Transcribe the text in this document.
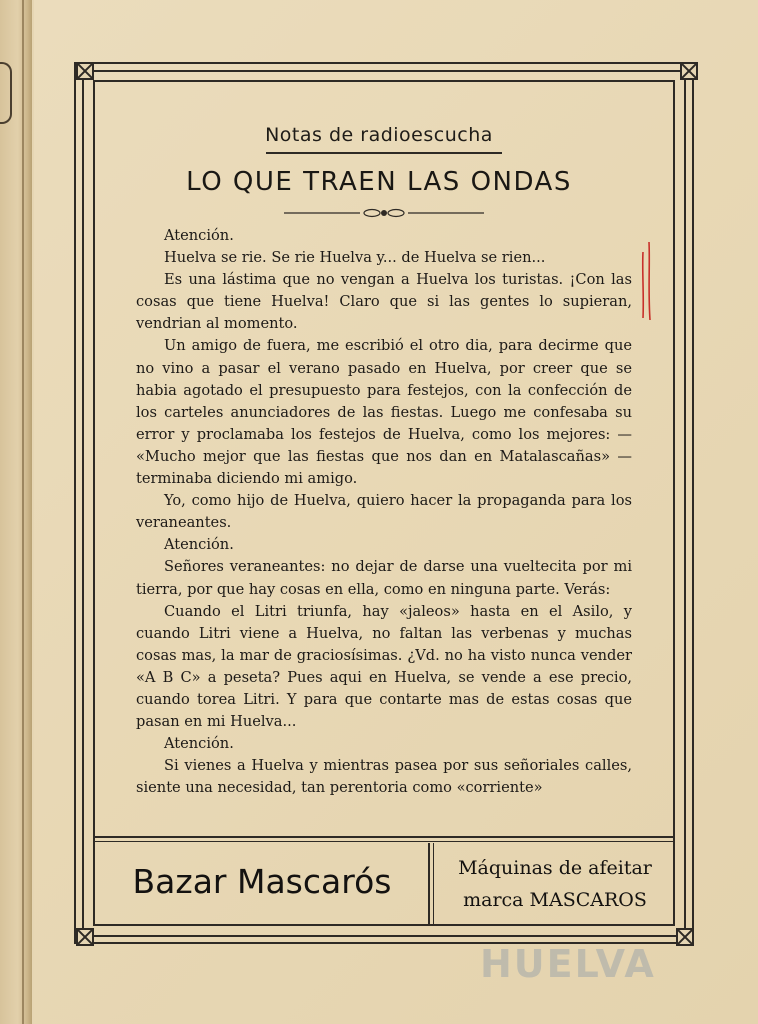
Notas de radioescucha
LO QUE TRAEN LAS ONDAS

Atención.

Huelva se rie. Se rie Huelva y... de Huelva se rien...

Es una lástima que no vengan a Huelva los turistas. ¡Con las cosas que tiene Huelva! Claro que si las gentes lo supieran, vendrian al momento.

Un amigo de fuera, me escribió el otro dia, para decirme que no vino a pasar el verano pasado en Huelva, por creer que se habia agotado el presupuesto para festejos, con la confección de los carteles anunciadores de las fiestas. Luego me confesaba su error y proclamaba los festejos de Huelva, como los mejores: — «Mucho mejor que las fiestas que nos dan en Matalascañas» —terminaba diciendo mi amigo.

Yo, como hijo de Huelva, quiero hacer la propaganda para los veraneantes.

Atención.

Señores veraneantes: no dejar de darse una vueltecita por mi tierra, por que hay cosas en ella, como en ninguna parte. Verás:

Cuando el Litri triunfa, hay «jaleos» hasta en el Asilo, y cuando Litri viene a Huelva, no faltan las verbenas y muchas cosas mas, la mar de graciosísimas. ¿Vd. no ha visto nunca vender «A B C» a peseta? Pues aqui en Huelva, se vende a ese precio, cuando torea Litri. Y para que contarte mas de estas cosas que pasan en mi Huelva...

Atención.

Si vienes a Huelva y mientras pasea por sus señoriales calles, siente una necesidad, tan perentoria como «corriente»

Bazar Mascarós	Máquinas de afeitar
marca MASCAROS
HUELVA
